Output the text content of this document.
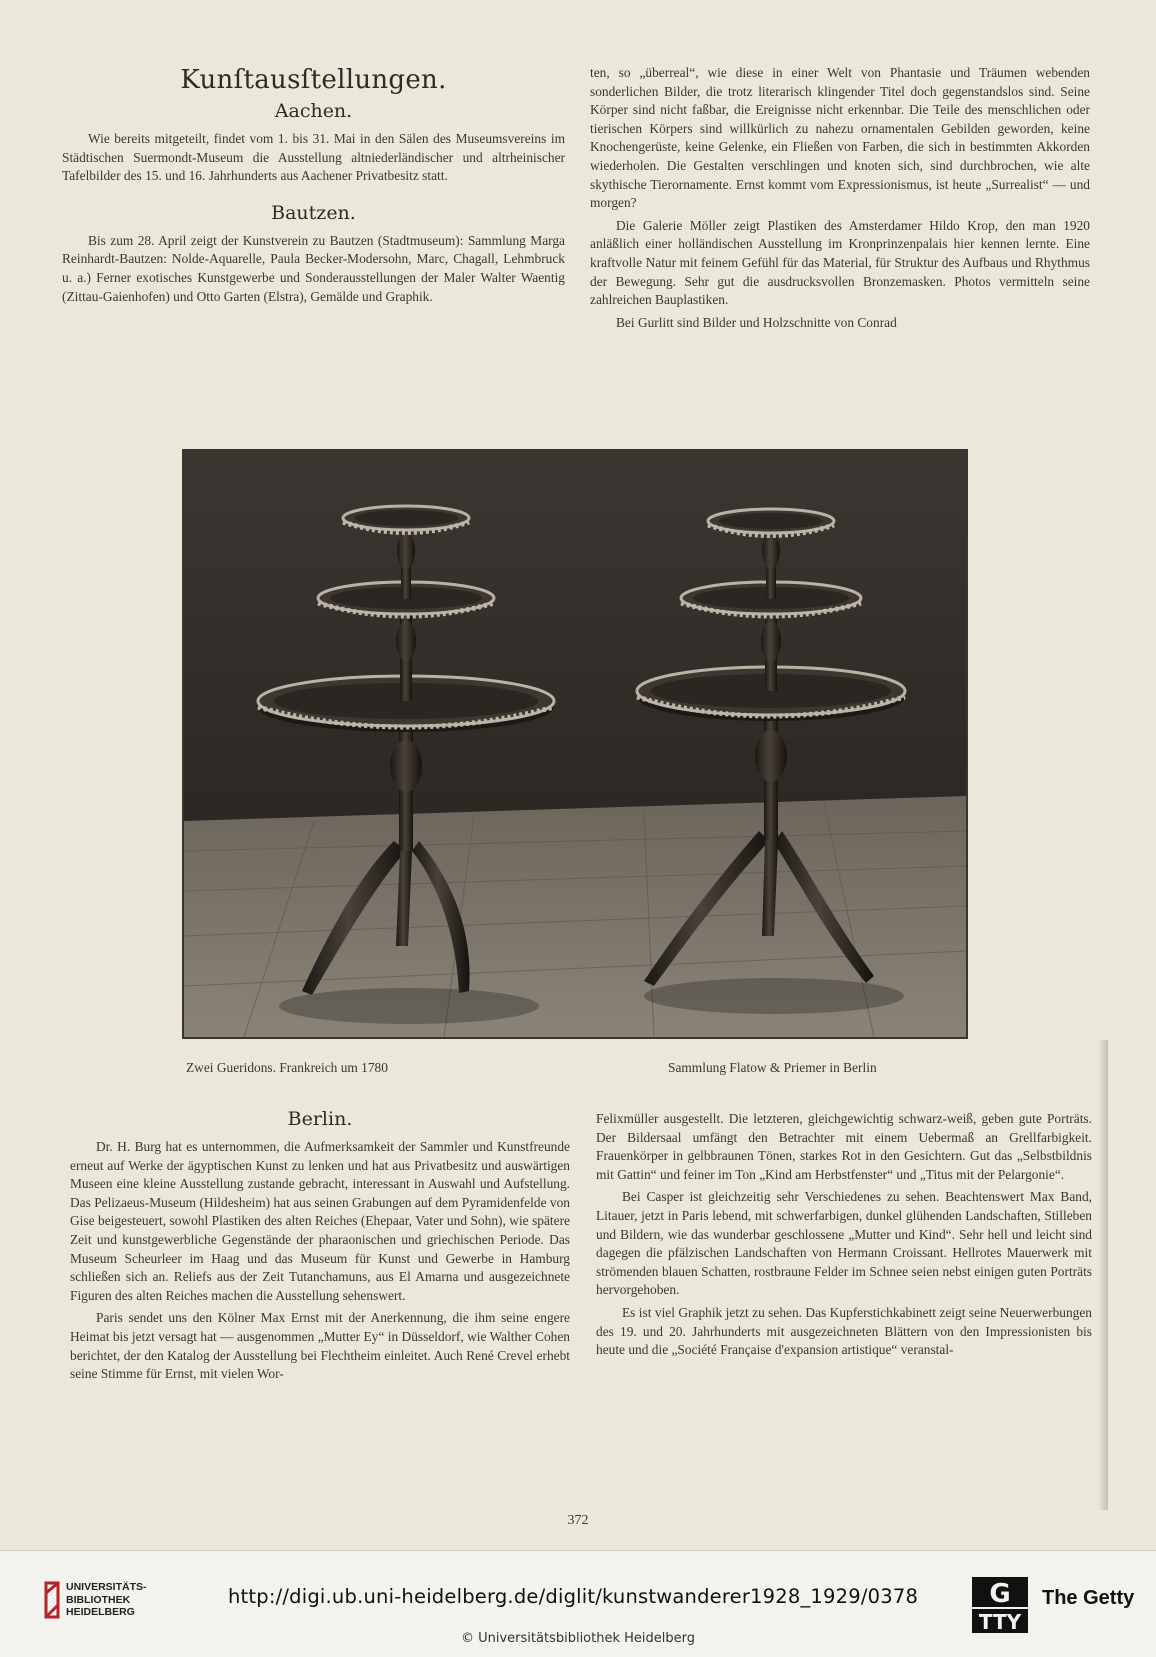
Kunſtausſtellungen.
Aachen.

Wie bereits mitgeteilt, findet vom 1. bis 31. Mai in den Sälen des Museumsvereins im Städtischen Suermondt-Museum die Ausstellung altniederländischer und altrheinischer Tafelbilder des 15. und 16. Jahrhunderts aus Aachener Privatbesitz statt.

Bautzen.

Bis zum 28. April zeigt der Kunstverein zu Bautzen (Stadtmuseum): Sammlung Marga Reinhardt-Bautzen: Nolde-Aquarelle, Paula Becker-Modersohn, Marc, Chagall, Lehmbruck u. a.) Ferner exotisches Kunstgewerbe und Sonderausstellungen der Maler Walter Waentig (Zittau-Gaienhofen) und Otto Garten (Elstra), Gemälde und Graphik.

ten, so „überreal“, wie diese in einer Welt von Phantasie und Träumen webenden sonderlichen Bilder, die trotz literarisch klingender Titel doch gegenstandslos sind. Seine Körper sind nicht faßbar, die Ereignisse nicht erkennbar. Die Teile des menschlichen oder tierischen Körpers sind willkürlich zu nahezu ornamentalen Gebilden geworden, keine Knochengerüste, keine Gelenke, ein Fließen von Farben, die sich in bestimmten Akkorden wiederholen. Die Gestalten verschlingen und knoten sich, sind durchbrochen, wie alte skythische Tierornamente. Ernst kommt vom Expressionismus, ist heute „Surrealist“ — und morgen?

Die Galerie Möller zeigt Plastiken des Amsterdamer Hildo Krop, den man 1920 anläßlich einer holländischen Ausstellung im Kronprinzenpalais hier kennen lernte. Eine kraftvolle Natur mit feinem Gefühl für das Material, für Struktur des Aufbaus und Rhythmus der Bewegung. Sehr gut die ausdrucksvollen Bronzemasken. Photos vermitteln seine zahlreichen Bauplastiken.

Bei Gurlitt sind Bilder und Holzschnitte von Conrad

Zwei Gueridons. Frankreich um 1780	Sammlung Flatow & Priemer in Berlin
Berlin.

Dr. H. Burg hat es unternommen, die Aufmerksamkeit der Sammler und Kunstfreunde erneut auf Werke der ägyptischen Kunst zu lenken und hat aus Privatbesitz und auswärtigen Museen eine kleine Ausstellung zustande gebracht, interessant in Auswahl und Aufstellung. Das Pelizaeus-Museum (Hildesheim) hat aus seinen Grabungen auf dem Pyramidenfelde von Gise beigesteuert, sowohl Plastiken des alten Reiches (Ehepaar, Vater und Sohn), wie spätere Zeit und kunstgewerbliche Gegenstände der pharaonischen und griechischen Periode. Das Museum Scheurleer im Haag und das Museum für Kunst und Gewerbe in Hamburg schließen sich an. Reliefs aus der Zeit Tutanchamuns, aus El Amarna und ausgezeichnete Figuren des alten Reiches machen die Ausstellung sehenswert.

Paris sendet uns den Kölner Max Ernst mit der Anerkennung, die ihm seine engere Heimat bis jetzt versagt hat — ausgenommen „Mutter Ey“ in Düsseldorf, wie Walther Cohen berichtet, der den Katalog der Ausstellung bei Flechtheim einleitet. Auch René Crevel erhebt seine Stimme für Ernst, mit vielen Wor-

Felixmüller ausgestellt. Die letzteren, gleichgewichtig schwarz-weiß, geben gute Porträts. Der Bildersaal umfängt den Betrachter mit einem Uebermaß an Grellfarbigkeit. Frauenkörper in gelbbraunen Tönen, starkes Rot in den Gesichtern. Gut das „Selbstbildnis mit Gattin“ und feiner im Ton „Kind am Herbstfenster“ und „Titus mit der Pelargonie“.

Bei Casper ist gleichzeitig sehr Verschiedenes zu sehen. Beachtenswert Max Band, Litauer, jetzt in Paris lebend, mit schwerfarbigen, dunkel glühenden Landschaften, Stilleben und Bildern, wie das wunderbar geschlossene „Mutter und Kind“. Sehr hell und leicht sind dagegen die pfälzischen Landschaften von Hermann Croissant. Hellrotes Mauerwerk mit strömenden blauen Schatten, rostbraune Felder im Schnee seien nebst einigen guten Porträts hervorgehoben.

Es ist viel Graphik jetzt zu sehen. Das Kupferstichkabinett zeigt seine Neuerwerbungen des 19. und 20. Jahrhunderts mit ausgezeichneten Blättern von den Impressionisten bis heute und die „Société Française d'expansion artistique“ veranstal-

372
UNIVERSITÄTS-
BIBLIOTHEK
HEIDELBERG
http://digi.ub.uni-heidelberg.de/diglit/kunstwanderer1928_1929/0378
© Universitätsbibliothek Heidelberg
G
TTY
The Getty
